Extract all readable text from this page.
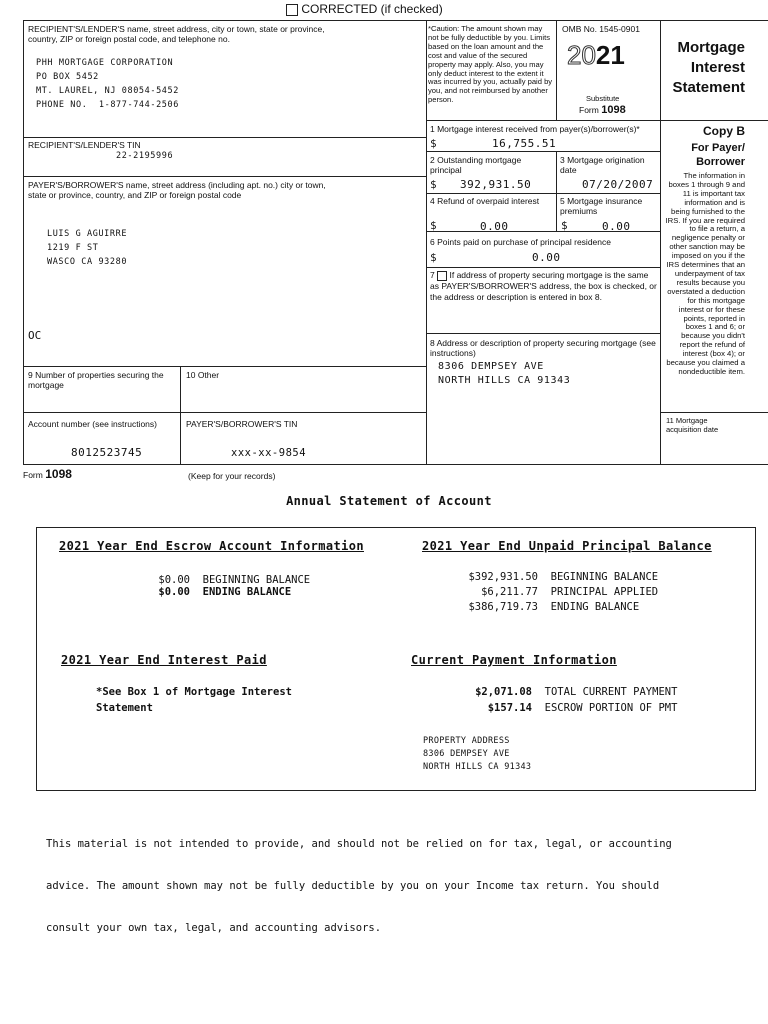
CORRECTED (if checked)
RECIPIENT'S/LENDER'S name, street address, city or town, state or province, country, ZIP or foreign postal code, and telephone no.
PHH MORTGAGE CORPORATION
PO BOX 5452
MT. LAUREL, NJ 08054-5452
PHONE NO.  1-877-744-2506
RECIPIENT'S/LENDER'S TIN
22-2195996
PAYER'S/BORROWER'S name, street address (including apt. no.) city or town, state or province, country, and ZIP or foreign postal code
LUIS G AGUIRRE
1219 F ST
WASCO CA 93280
OC
9 Number of properties securing the mortgage
10 Other
Account number (see instructions)
8012523745
PAYER'S/BORROWER'S TIN
xxx-xx-9854
*Caution: The amount shown may not be fully deductible by you. Limits based on the loan amount and the cost and value of the secured property may apply. Also, you may only deduct interest to the extent it was incurred by you, actually paid by you, and not reimbursed by another person.
OMB No. 1545-0901
2021
Substitute
Form 1098
Mortgage
Interest
Statement
1 Mortgage interest received from payer(s)/borrower(s)*
$	16,755.51
Copy B
For Payer/
Borrower
The information in
boxes 1 through 9 and
11 is important tax
information and is
being furnished to the
IRS. If you are required
to file a return, a
negligence penalty or
other sanction may be
imposed on you if the
IRS determines that an
underpayment of tax
results because you
overstated a deduction
for this mortgage
interest or for these
points, reported in
boxes 1 and 6; or
because you didn't
report the refund of
interest (box 4); or
because you claimed a
nondeductible item.
2 Outstanding mortgage principal
$ 392,931.50
3 Mortgage origination date
07/20/2007
4 Refund of overpaid interest
$	0.00
5 Mortgage insurance premiums
$	0.00
6 Points paid on purchase of principal residence
$	0.00
7 If address of property securing mortgage is the same as PAYER'S/BORROWER'S address, the box is checked, or the address or description is entered in box 8.
8 Address or description of property securing mortgage (see instructions)
8306 DEMPSEY AVE
NORTH HILLS CA 91343
11 Mortgage acquisition date
Form 1098	(Keep for your records)
Annual Statement of Account
2021 Year End Escrow Account Information
$0.00 BEGINNING BALANCE
$0.00 ENDING BALANCE
2021 Year End Unpaid Principal Balance
$392,931.50 BEGINNING BALANCE
$6,211.77 PRINCIPAL APPLIED
$386,719.73 ENDING BALANCE
2021 Year End Interest Paid
*See Box 1 of Mortgage Interest
Statement
Current Payment Information
$2,071.08 TOTAL CURRENT PAYMENT
$157.14 ESCROW PORTION OF PMT
PROPERTY ADDRESS
8306 DEMPSEY AVE
NORTH HILLS CA 91343

This material is not intended to provide, and should not be relied on for tax, legal, or accounting

advice. The amount shown may not be fully deductible by you on your Income tax return. You should

consult your own tax, legal, and accounting advisors.
